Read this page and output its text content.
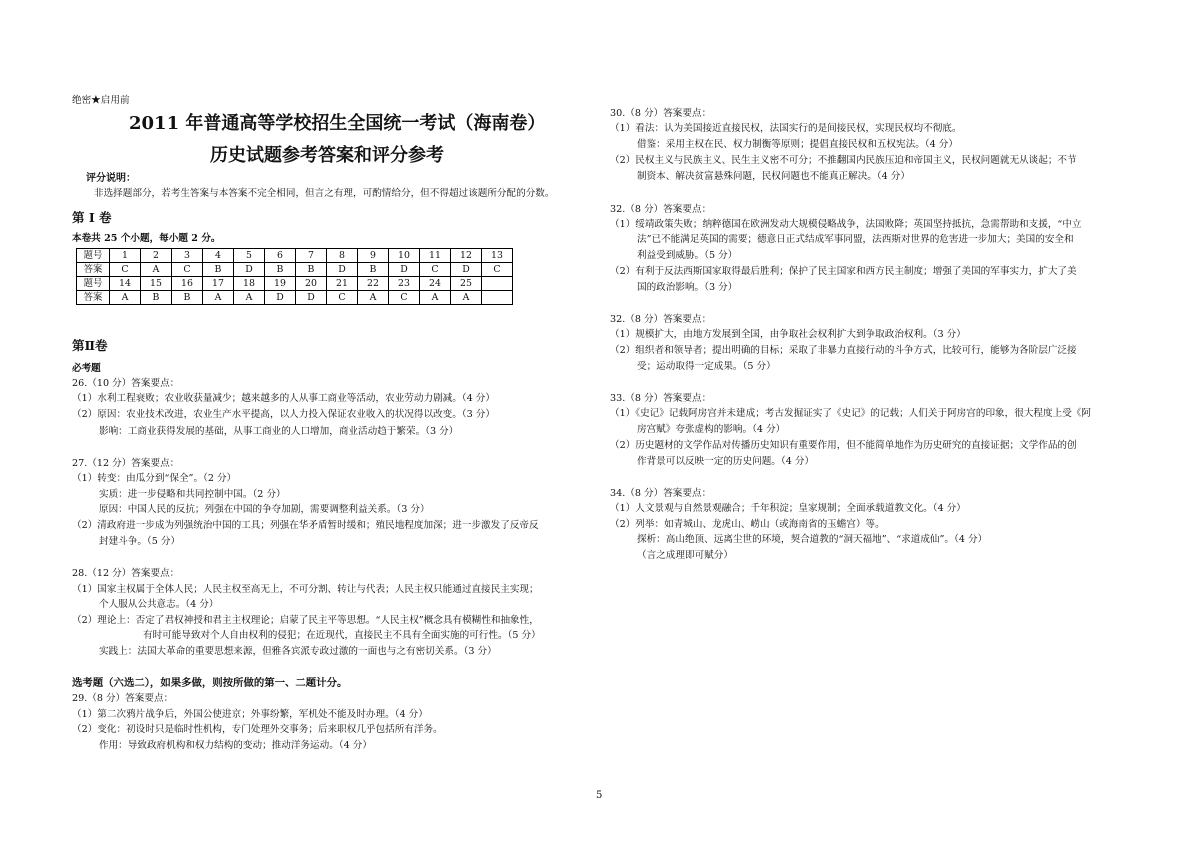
绝密★启用前
2011 年普通高等学校招生全国统一考试（海南卷）
历史试题参考答案和评分参考
评分说明：
非选择题部分，若考生答案与本答案不完全相同，但言之有理，可酌情给分，但不得超过该题所分配的分数。
第 I 卷
本卷共 25 个小题，每小题 2 分。
题号	1	2	3	4	5	6	7	8	9	10	11	12	13
答案	C	A	C	B	D	B	B	D	B	D	C	D	C
题号	14	15	16	17	18	19	20	21	22	23	24	25	
答案	A	B	B	A	A	D	D	C	A	C	A	A	
第Ⅱ卷
必考题
26.（10 分）答案要点：
（1）水利工程衰败；农业收获量减少；越来越多的人从事工商业等活动，农业劳动力剧减。（4 分）
（2）原因：农业技术改进，农业生产水平提高，以人力投入保证农业收入的状况得以改变。（3 分）
影响：工商业获得发展的基础，从事工商业的人口增加，商业活动趋于繁荣。（3 分）
27.（12 分）答案要点：
（1）转变：由瓜分到“保全”。（2 分）
实质：进一步侵略和共同控制中国。（2 分）
原因：中国人民的反抗；列强在中国的争夺加剧，需要调整利益关系。（3 分）
（2）清政府进一步成为列强统治中国的工具；列强在华矛盾暂时缓和；殖民地程度加深；进一步激发了反帝反
封建斗争。（5 分）
28.（12 分）答案要点：
（1）国家主权属于全体人民；人民主权至高无上，不可分割、转让与代表；人民主权只能通过直接民主实现；
个人服从公共意志。（4 分）
（2）理论上：否定了君权神授和君主主权理论；启蒙了民主平等思想。“人民主权”概念具有模糊性和抽象性，
有时可能导致对个人自由权利的侵犯；在近现代，直接民主不具有全面实施的可行性。（5 分）
实践上：法国大革命的重要思想来源，但雅各宾派专政过激的一面也与之有密切关系。（3 分）
选考题（六选二），如果多做，则按所做的第一、二题计分。
29.（8 分）答案要点：
（1）第二次鸦片战争后，外国公使进京；外事纷繁，军机处不能及时办理。（4 分）
（2）变化：初设时只是临时性机构，专门处理外交事务；后来职权几乎包括所有洋务。
作用：导致政府机构和权力结构的变动；推动洋务运动。（4 分）
30.（8 分）答案要点：
（1）看法：认为美国接近直接民权，法国实行的是间接民权，实现民权均不彻底。
借鉴：采用主权在民、权力制衡等原则；提倡直接民权和五权宪法。（4 分）
（2）民权主义与民族主义、民生主义密不可分；不推翻国内民族压迫和帝国主义，民权问题就无从谈起；不节
制资本、解决贫富悬殊问题，民权问题也不能真正解决。（4 分）
32.（8 分）答案要点：
（1）绥靖政策失败；纳粹德国在欧洲发动大规模侵略战争，法国败降；英国坚持抵抗，急需帮助和支援，“中立
法”已不能满足英国的需要；德意日正式结成军事同盟，法西斯对世界的危害进一步加大；美国的安全和
利益受到威胁。（5 分）
（2）有利于反法西斯国家取得最后胜利；保护了民主国家和西方民主制度；增强了美国的军事实力，扩大了美
国的政治影响。（3 分）
32.（8 分）答案要点：
（1）规模扩大，由地方发展到全国，由争取社会权利扩大到争取政治权利。（3 分）
（2）组织者和领导者；提出明确的目标；采取了非暴力直接行动的斗争方式，比较可行，能够为各阶层广泛接
受；运动取得一定成果。（5 分）
33.（8 分）答案要点：
（1）《史记》记载阿房宫并未建成；考古发掘证实了《史记》的记载；人们关于阿房宫的印象，很大程度上受《阿
房宫赋》夸张虚构的影响。（4 分）
（2）历史题材的文学作品对传播历史知识有重要作用，但不能简单地作为历史研究的直接证据；文学作品的创
作背景可以反映一定的历史问题。（4 分）
34.（8 分）答案要点：
（1）人文景观与自然景观融合；千年积淀；皇家规制；全面承载道教文化。（4 分）
（2）列举：如青城山、龙虎山、崂山（或海南省的玉蟾宫）等。
探析：高山绝顶、远离尘世的环境，契合道教的“洞天福地”、“求道成仙”。（4 分）
（言之成理即可赋分）
5
